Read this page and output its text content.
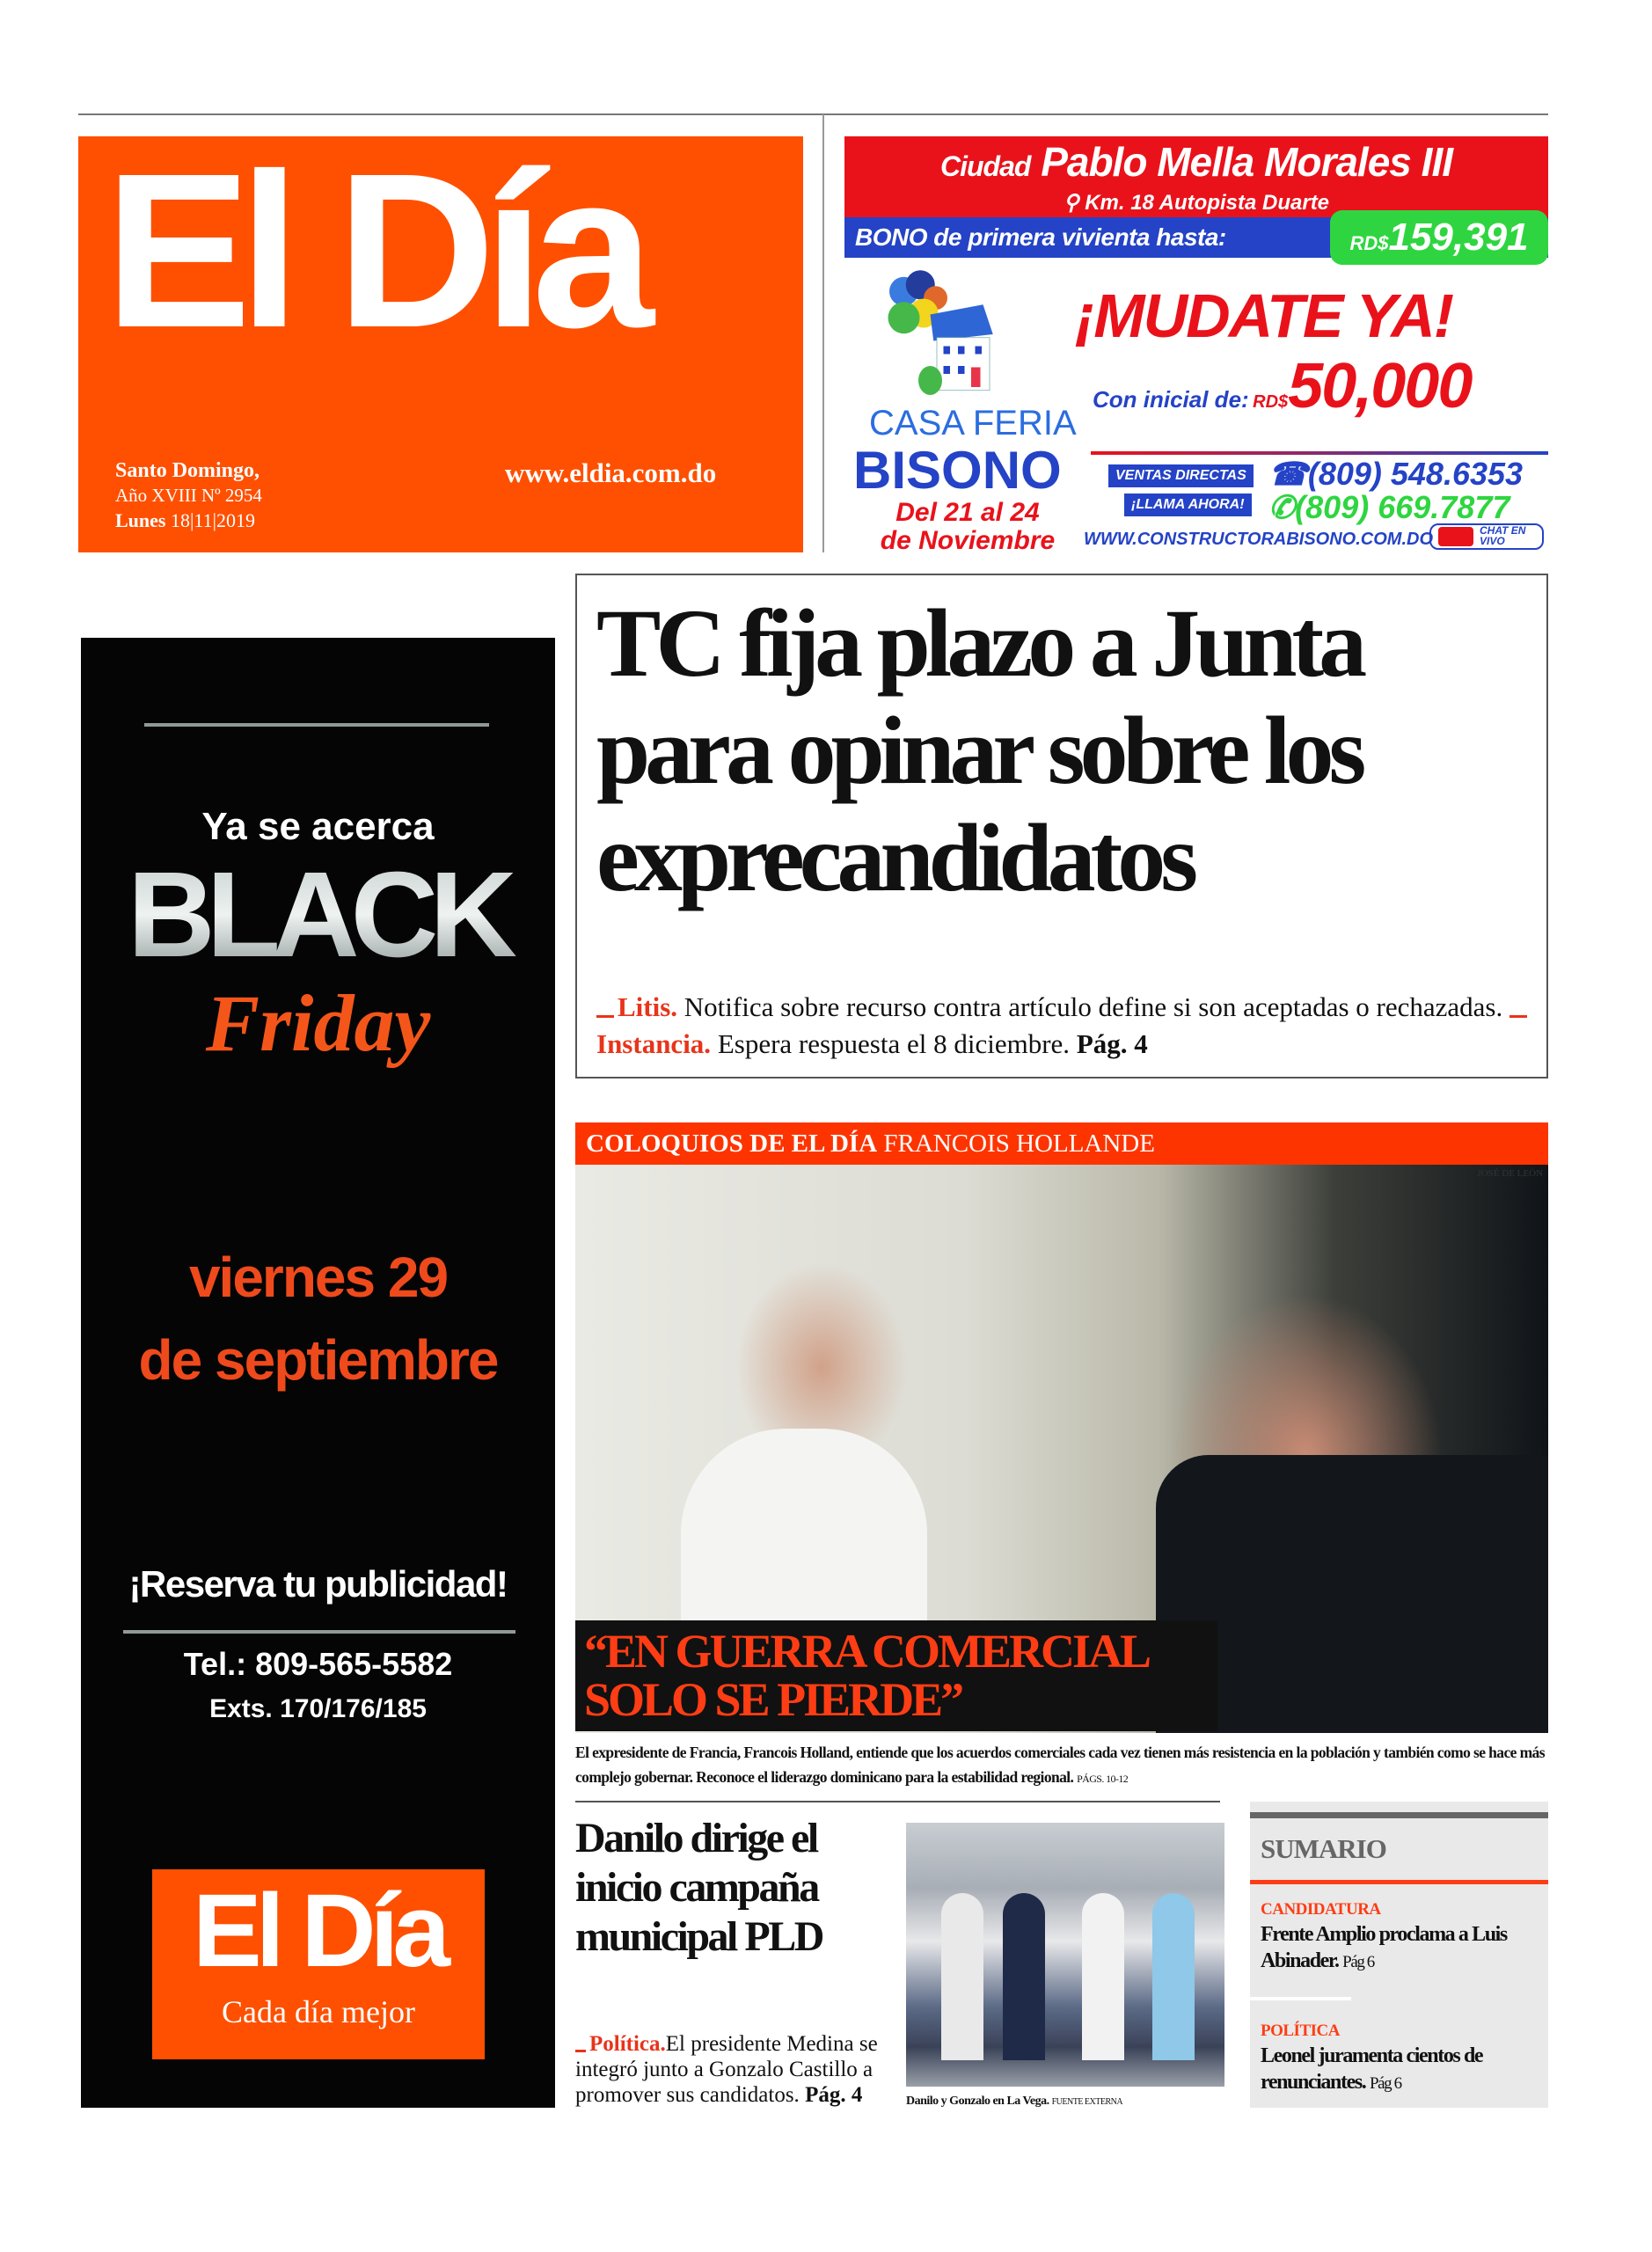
El Día
Santo Domingo,
Año XVIII Nº 2954
Lunes 18|11|2019
www.eldia.com.do
Ciudad Pablo Mella Morales III
⚲ Km. 18 Autopista Duarte
BONO de primera vivienta hasta:	RD$159,391
¡MUDATE YA!
Con inicial de: RD$50,000
CASA FERIA
BISONO
Del 21 al 24
de Noviembre
VENTAS DIRECTAS
¡LLAMA AHORA!
☎(809) 548.6353
✆(809) 669.7877
WWW.CONSTRUCTORABISONO.COM.DO	CHAT EN VIVO
TC fija plazo a Junta para opinar sobre los exprecandidatos
Litis. Notifica sobre recurso contra artículo define si son aceptadas o rechazadas. Instancia. Espera respuesta el 8 diciembre. Pág. 4
Ya se acerca
BLACK
Friday
viernes 29
de septiembre
¡Reserva tu publicidad!
Tel.: 809-565-5582
Exts. 170/176/185
El Día
Cada día mejor
COLOQUIOS DE EL DÍA FRANCOIS HOLLANDE
JOSÉ DE LEÓN
“EN GUERRA COMERCIAL SOLO SE PIERDE”
El expresidente de Francia, Francois Holland, entiende que los acuerdos comerciales cada vez tienen más resistencia en la población y también como se hace más complejo gobernar. Reconoce el liderazgo dominicano para la estabilidad regional. PÁGS. 10-12
Danilo dirige el inicio campaña municipal PLD
Política.El presidente Medina se integró junto a Gonzalo Castillo a promover sus candidatos. Pág. 4	Danilo y Gonzalo en La Vega. FUENTE EXTERNA
SUMARIO
CANDIDATURA
Frente Amplio proclama a Luis Abinader. Pág 6
POLÍTICA
Leonel juramenta cientos de renunciantes. Pág 6
